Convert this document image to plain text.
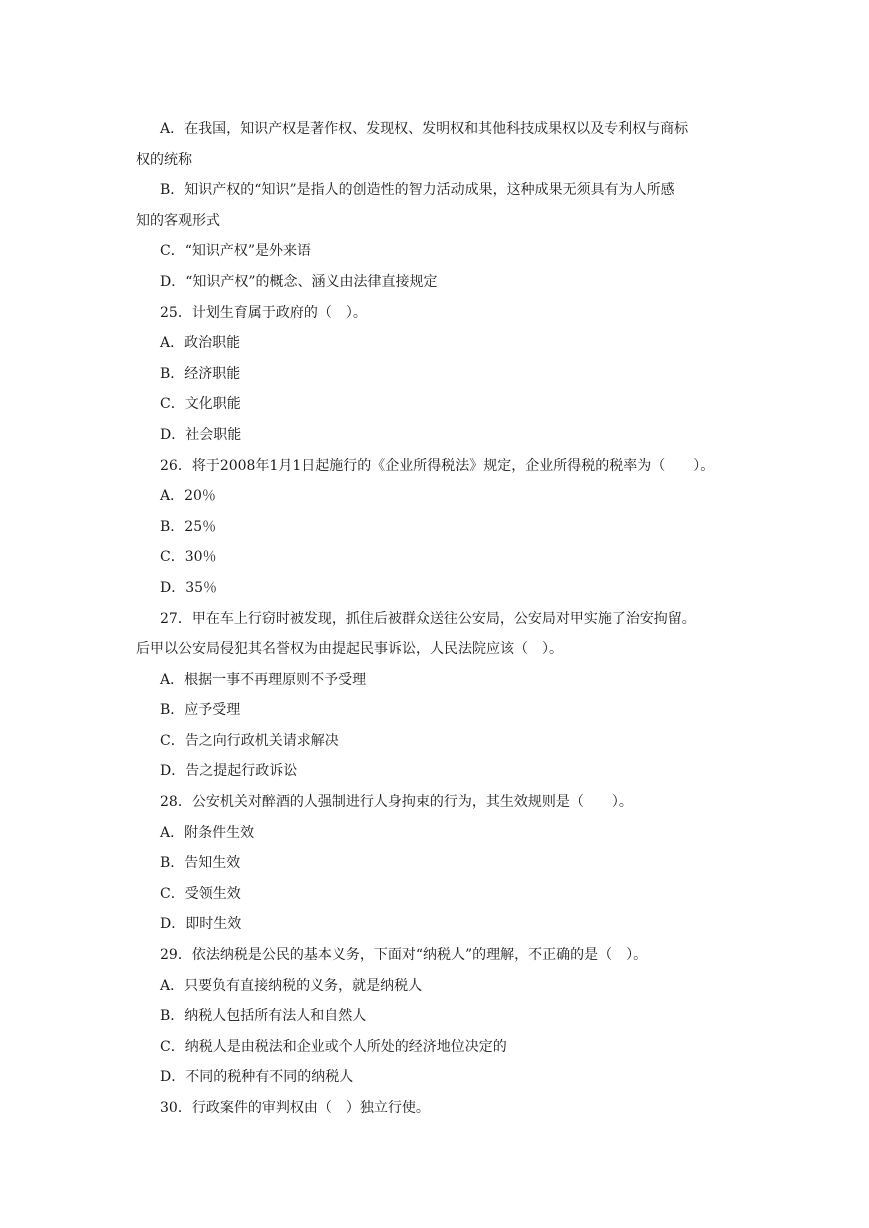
A．在我国，知识产权是著作权、发现权、发明权和其他科技成果权以及专利权与商标
权的统称
B．知识产权的“知识”是指人的创造性的智力活动成果，这种成果无须具有为人所感
知的客观形式
C．“知识产权”是外来语
D．“知识产权”的概念、涵义由法律直接规定
25．计划生育属于政府的（　）。
A．政治职能
B．经济职能
C．文化职能
D．社会职能
26．将于2008年1月1日起施行的《企业所得税法》规定，企业所得税的税率为（　　）。
A．20％
B．25％
C．30％
D．35％
27．甲在车上行窃时被发现，抓住后被群众送往公安局，公安局对甲实施了治安拘留。
后甲以公安局侵犯其名誉权为由提起民事诉讼，人民法院应该（　）。
A．根据一事不再理原则不予受理
B．应予受理
C．告之向行政机关请求解决
D．告之提起行政诉讼
28．公安机关对醉酒的人强制进行人身拘束的行为，其生效规则是（　　）。
A．附条件生效
B．告知生效
C．受领生效
D．即时生效
29．依法纳税是公民的基本义务，下面对“纳税人”的理解，不正确的是（　）。
A．只要负有直接纳税的义务，就是纳税人
B．纳税人包括所有法人和自然人
C．纳税人是由税法和企业或个人所处的经济地位决定的
D．不同的税种有不同的纳税人
30．行政案件的审判权由（　）独立行使。
